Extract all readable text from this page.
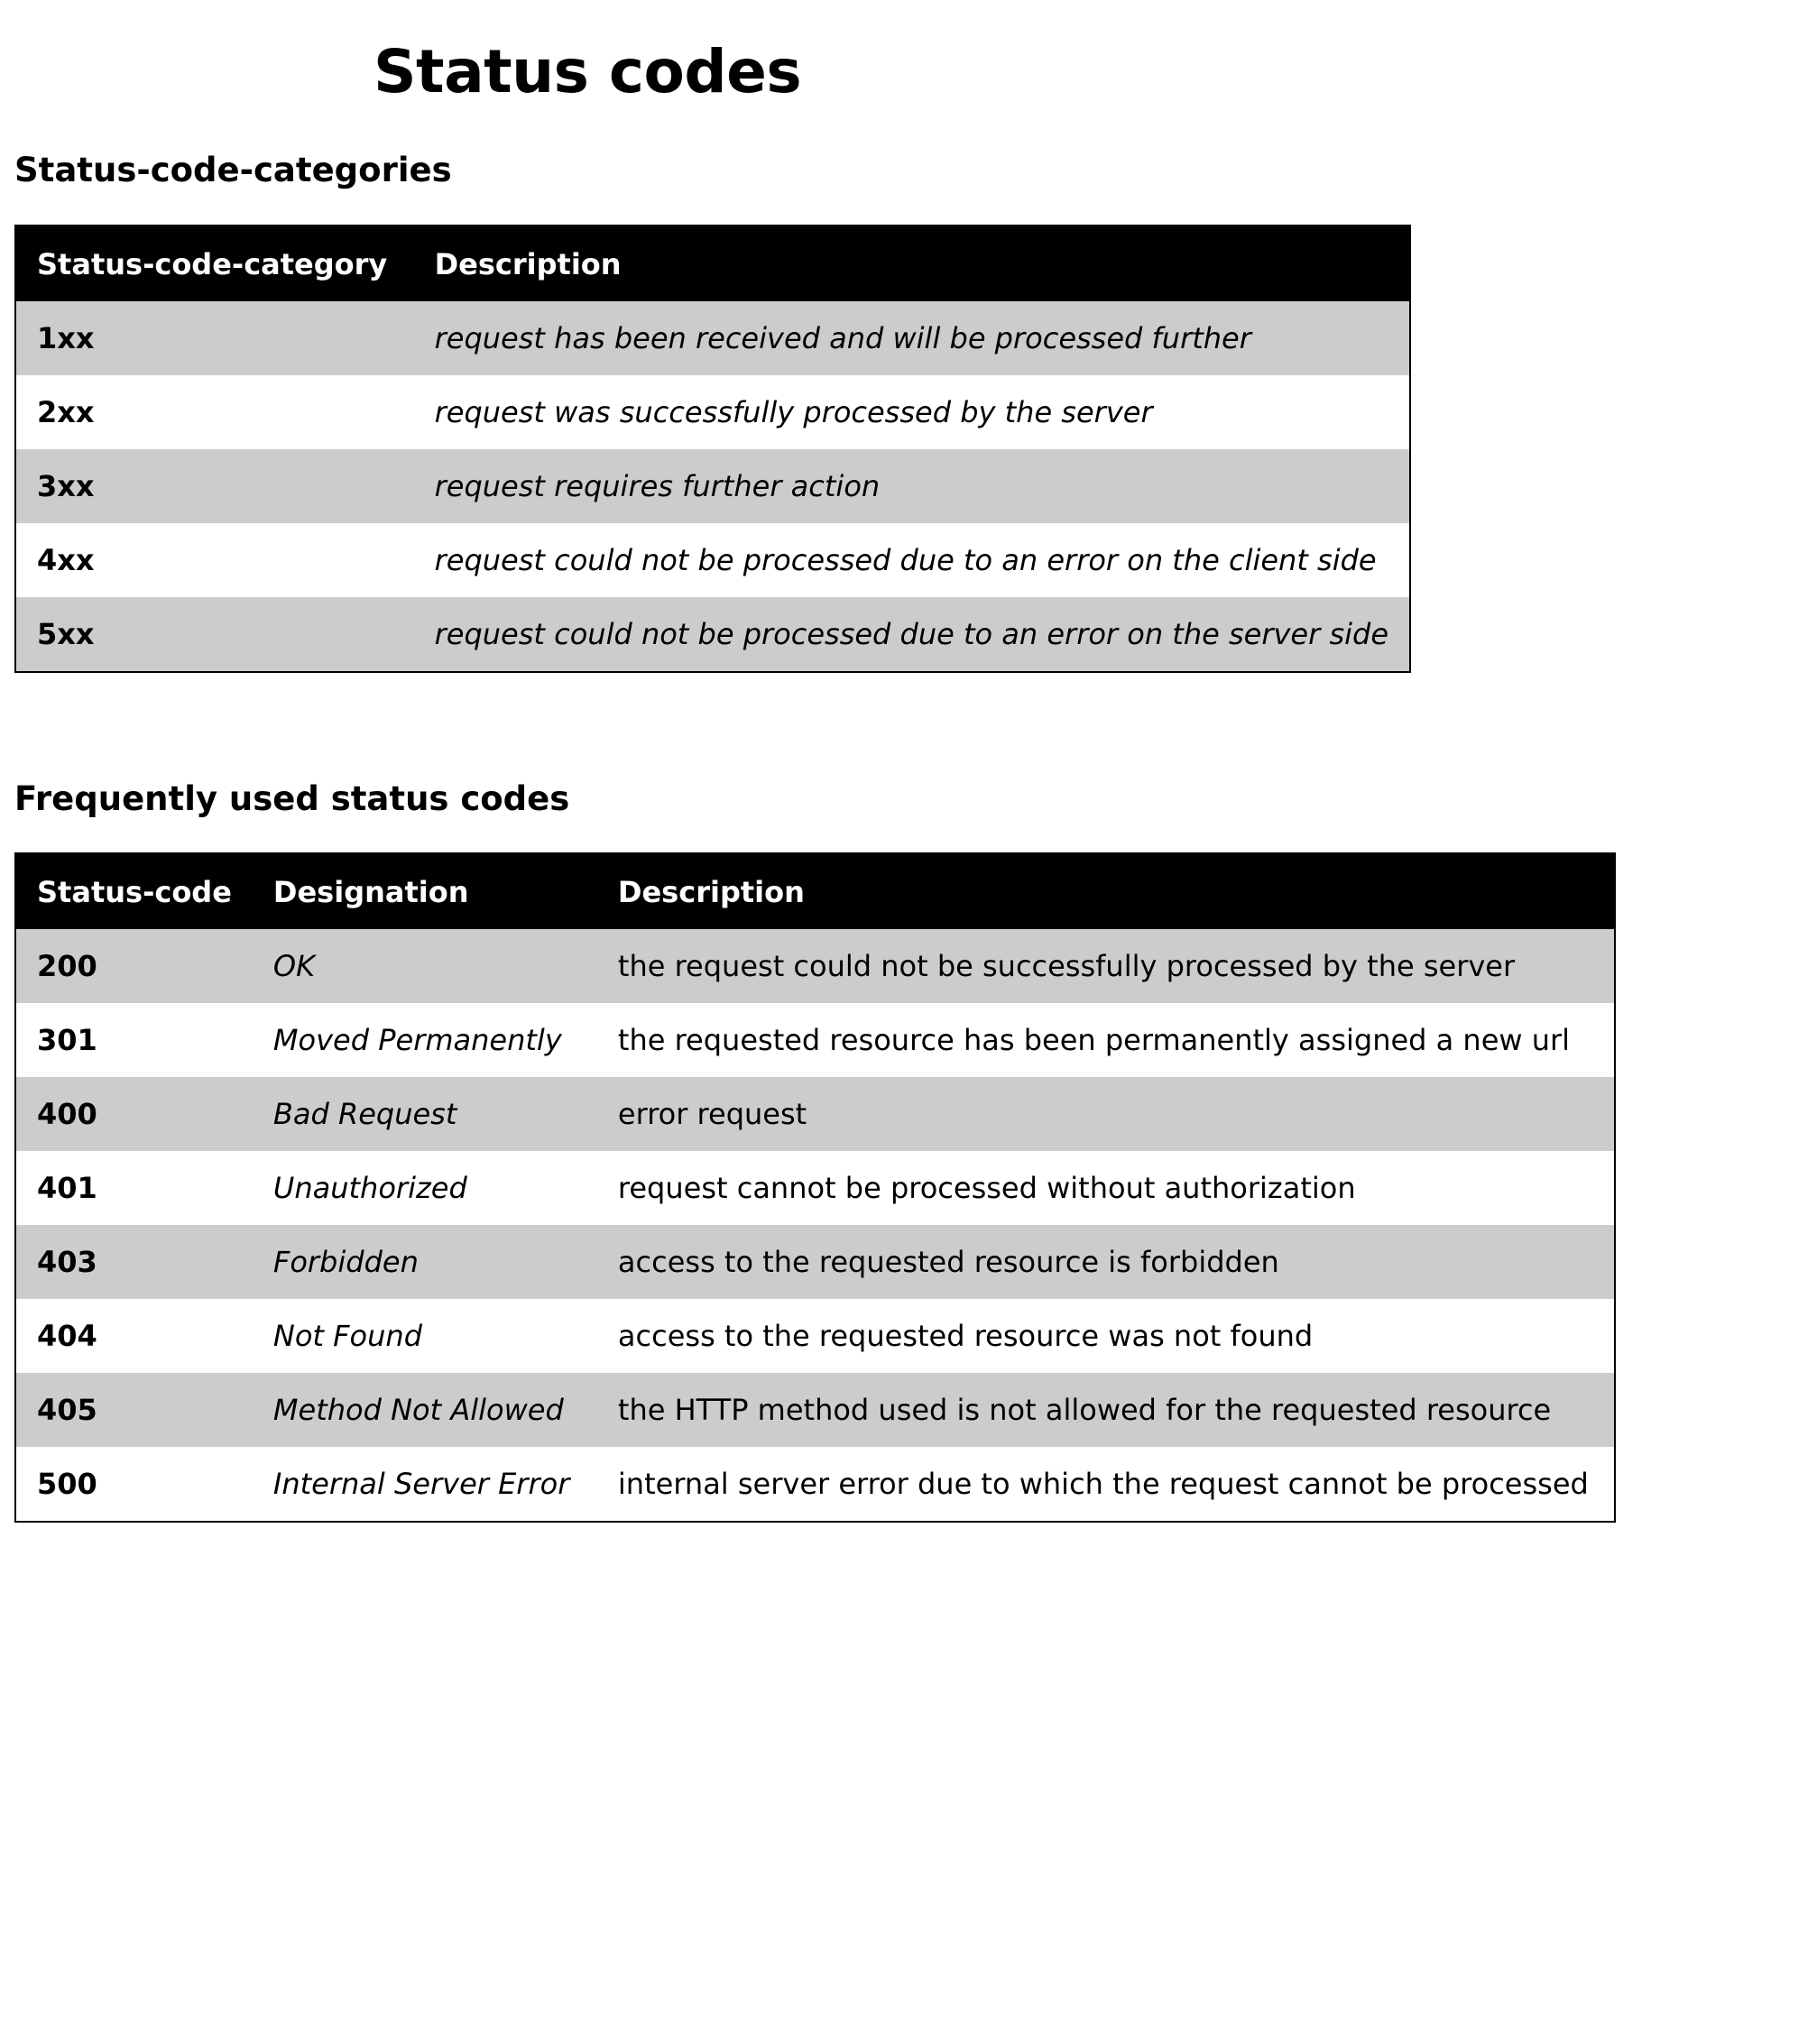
Status codes
Status-code-categories
Status-code-category	Description
1xx	request has been received and will be processed further
2xx	request was successfully processed by the server
3xx	request requires further action
4xx	request could not be processed due to an error on the client side
5xx	request could not be processed due to an error on the server side
Frequently used status codes
Status-code	Designation	Description
200	OK	the request could not be successfully processed by the server
301	Moved Permanently	the requested resource has been permanently assigned a new url
400	Bad Request	error request
401	Unauthorized	request cannot be processed without authorization
403	Forbidden	access to the requested resource is forbidden
404	Not Found	access to the requested resource was not found
405	Method Not Allowed	the HTTP method used is not allowed for the requested resource
500	Internal Server Error	internal server error due to which the request cannot be processed
